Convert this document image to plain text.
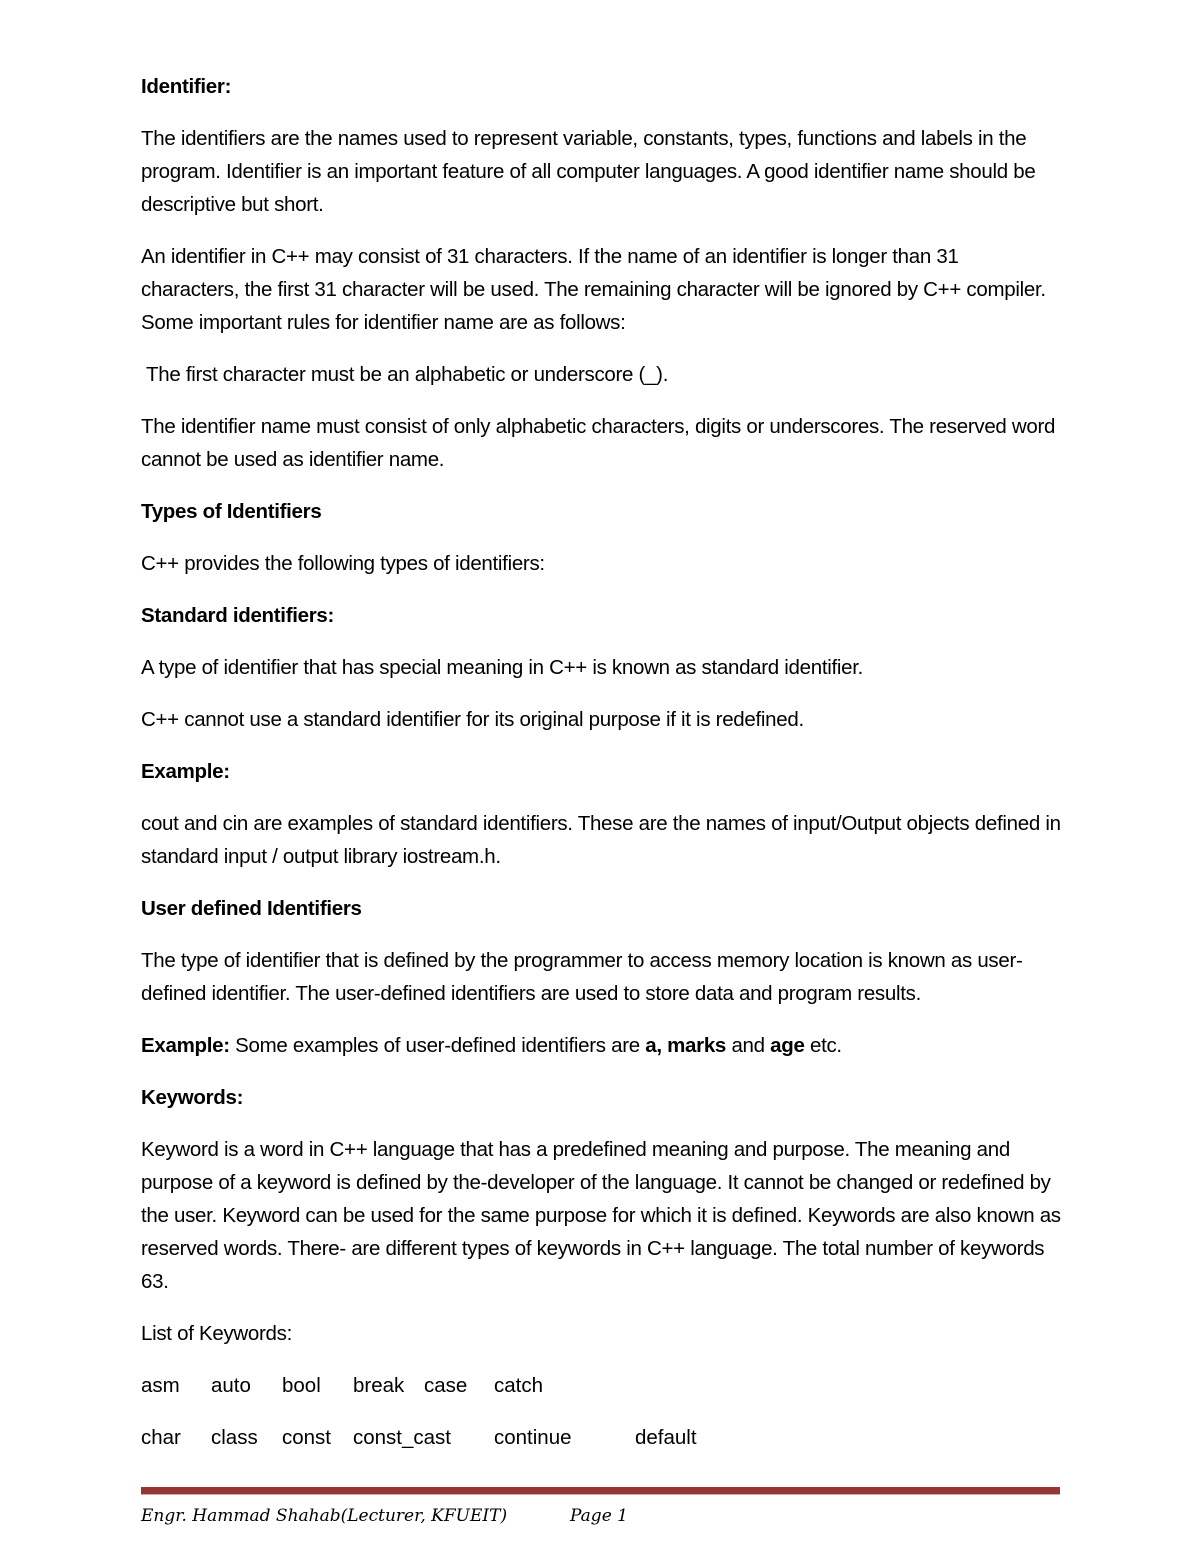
Identifier:

The identifiers are the names used to represent variable, constants, types, functions and labels in the program. Identifier is an important feature of all computer languages. A good identifier name should be descriptive but short.

An identifier in C++ may consist of 31 characters. If the name of an identifier is longer than 31 characters, the first 31 character will be used. The remaining character will be ignored by C++ compiler. Some important rules for identifier name are as follows:

The first character must be an alphabetic or underscore (_).

The identifier name must consist of only alphabetic characters, digits or underscores. The reserved word cannot be used as identifier name.

Types of Identifiers

C++ provides the following types of identifiers:

Standard identifiers:

A type of identifier that has special meaning in C++ is known as standard identifier.

C++ cannot use a standard identifier for its original purpose if it is redefined.

Example:

cout and cin are examples of standard identifiers. These are the names of input/Output objects defined in standard input / output library iostream.h.

User defined Identifiers

The type of identifier that is defined by the programmer to access memory location is known as user-defined identifier. The user-defined identifiers are used to store data and program results.

Example: Some examples of user-defined identifiers are a, marks and age etc.

Keywords:

Keyword is a word in C++ language that has a predefined meaning and purpose. The meaning and purpose of a keyword is defined by the-developer of the language. It cannot be changed or redefined by the user. Keyword can be used for the same purpose for which it is defined. Keywords are also known as reserved words. There- are different types of keywords in C++ language. The total number of keywords 63.

List of Keywords:

asm auto bool break case catch
char class const const_cast continue	default
Engr. Hammad Shahab(Lecturer, KFUEIT)	Page 1
